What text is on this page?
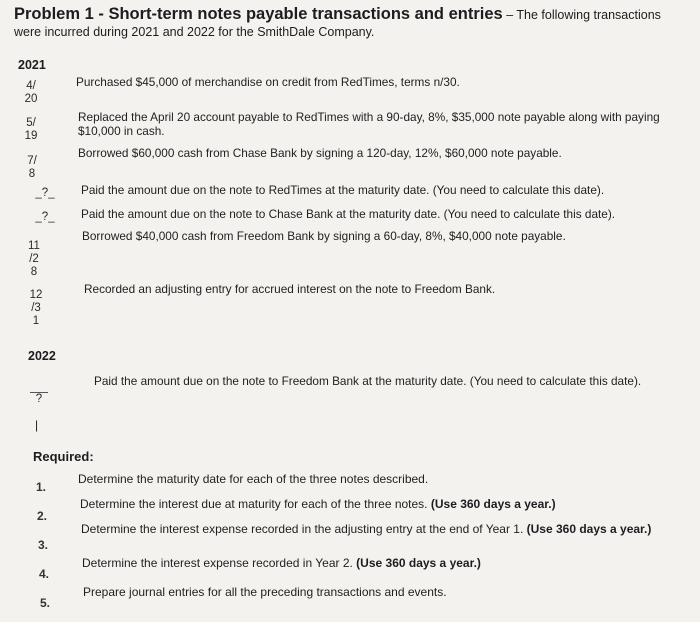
Problem 1 - Short-term notes payable transactions and entries – The following transactions
were incurred during 2021 and 2022 for the SmithDale Company.
2021
4/
20
Purchased $45,000 of merchandise on credit from RedTimes, terms n/30.
5/
19
Replaced the April 20 account payable to RedTimes with a 90-day, 8%, $35,000 note payable along with paying $10,000 in cash.
7/
8
Borrowed $60,000 cash from Chase Bank by signing a 120-day, 12%, $60,000 note payable.
_?_	Paid the amount due on the note to RedTimes at the maturity date. (You need to calculate this date).
_?_	Paid the amount due on the note to Chase Bank at the maturity date. (You need to calculate this date).
11
/2
8
Borrowed $40,000 cash from Freedom Bank by signing a 60-day, 8%, $40,000 note payable.
12
/3
1
Recorded an adjusting entry for accrued interest on the note to Freedom Bank.
2022
?
|
Paid the amount due on the note to Freedom Bank at the maturity date. (You need to calculate this date).
Required:
1.
Determine the maturity date for each of the three notes described.
2.
Determine the interest due at maturity for each of the three notes. (Use 360 days a year.)
3.
Determine the interest expense recorded in the adjusting entry at the end of Year 1. (Use 360 days a year.)
4.
Determine the interest expense recorded in Year 2. (Use 360 days a year.)
5.
Prepare journal entries for all the preceding transactions and events.
